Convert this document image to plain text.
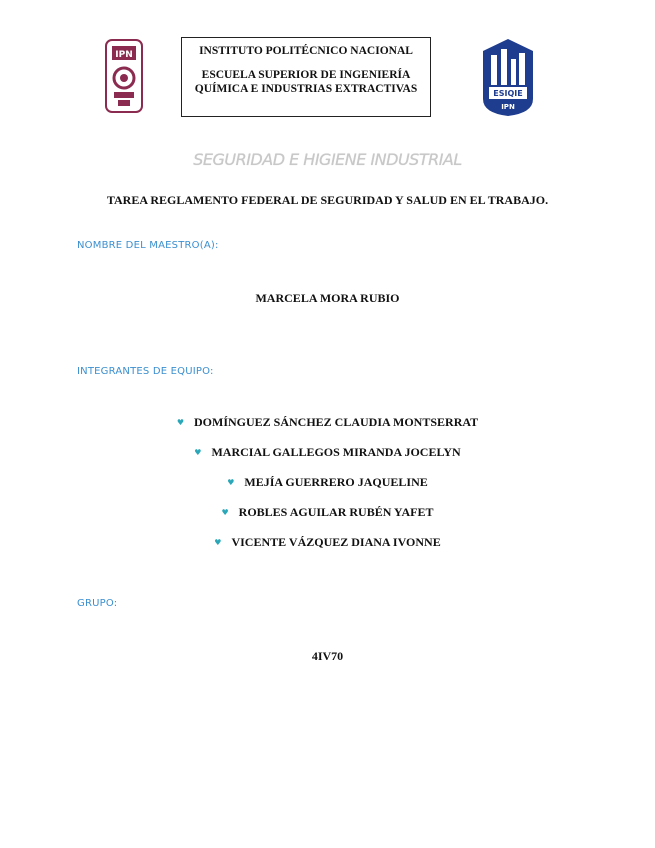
IPN	INSTITUTO POLITÉCNICO NACIONAL
ESCUELA SUPERIOR DE INGENIERÍA
QUÍMICA E INDUSTRIAS EXTRACTIVAS	ESIQIE
IPN
SEGURIDAD E HIGIENE INDUSTRIAL
TAREA REGLAMENTO FEDERAL DE SEGURIDAD Y SALUD EN EL TRABAJO.
NOMBRE DEL MAESTRO(A):
MARCELA MORA RUBIO
INTEGRANTES DE EQUIPO:
♥ DOMÍNGUEZ SÁNCHEZ CLAUDIA MONTSERRAT
♥ MARCIAL GALLEGOS MIRANDA JOCELYN
♥ MEJÍA GUERRERO JAQUELINE
♥ ROBLES AGUILAR RUBÉN YAFET
♥ VICENTE VÁZQUEZ DIANA IVONNE
GRUPO:
4IV70
